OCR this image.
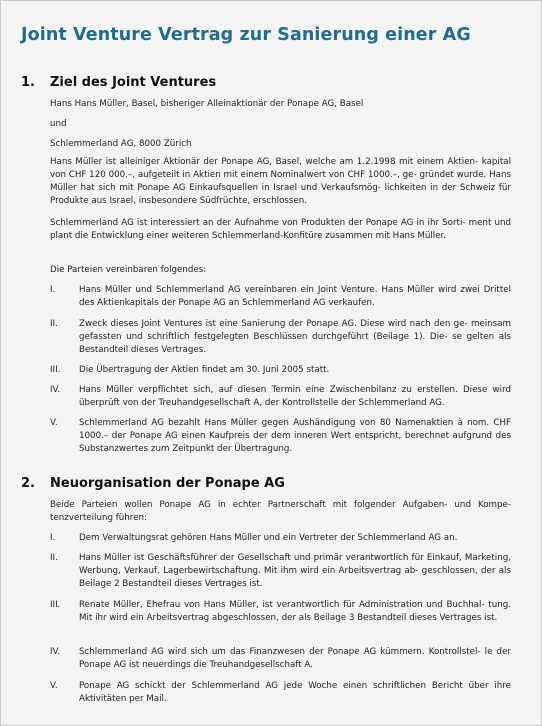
Joint Venture Vertrag zur Sanierung einer AG
1. Ziel des Joint Ventures

Hans Hans Müller, Basel, bisheriger Alleinaktionär der Ponape AG, Basel

und

Schlemmerland AG, 8000 Zürich

Hans Müller ist alleiniger Aktionär der Ponape AG, Basel, welche am 1.2.1998 mit einem Aktien- kapital von CHF 120 000.–, aufgeteilt in Aktien mit einem Nominalwert von CHF 1000.–, ge- gründet wurde. Hans Müller hat sich mit Ponape AG Einkaufsquellen in Israel und Verkaufsmög- lichkeiten in der Schweiz für Produkte aus Israel, insbesondere Südfrüchte, erschlossen.

Schlemmerland AG ist interessiert an der Aufnahme von Produkten der Ponape AG in ihr Sorti- ment und plant die Entwicklung einer weiteren Schlemmerland-Konfitüre zusammen mit Hans Müller.

Die Parteien vereinbaren folgendes:

I.	Hans Müller und Schlemmerland AG vereinbaren ein Joint Venture. Hans Müller wird zwei Drittel des Aktienkapitals der Ponape AG an Schlemmerland AG verkaufen.

II. Zweck dieses Joint Ventures ist eine Sanierung der Ponape AG. Diese wird nach den ge- meinsam gefassten und schriftlich festgelegten Beschlüssen durchgeführt (Beilage 1). Die- se gelten als Bestandteil dieses Vertrages.

III. Die Übertragung der Aktien findet am 30. Juni 2005 statt.

IV. Hans Müller verpflichtet sich, auf diesen Termin eine Zwischenbilanz zu erstellen. Diese wird überprüft von der Treuhandgesellschaft A, der Kontrollstelle der Schlemmerland AG.

V. Schlemmerland AG bezahlt Hans Müller gegen Aushändigung von 80 Namenaktien à nom. CHF 1000.– der Ponape AG einen Kaufpreis der dem inneren Wert entspricht, berechnet aufgrund des Substanzwertes zum Zeitpunkt der Übertragung.

2. Neuorganisation der Ponape AG

Beide Parteien wollen Ponape AG in echter Partnerschaft mit folgender Aufgaben- und Kompe- tenzverteilung führen:

I.	Dem Verwaltungsrat gehören Hans Müller und ein Vertreter der Schlemmerland AG an.

II. Hans Müller ist Geschäftsführer der Gesellschaft und primär verantwortlich für Einkauf, Marketing, Werbung, Verkauf, Lagerbewirtschaftung. Mit ihm wird ein Arbeitsvertrag ab- geschlossen, der als Beilage 2 Bestandteil dieses Vertrages ist.

III. Renate Müller, Ehefrau von Hans Müller, ist verantwortlich für Administration und Buchhal- tung. Mit ihr wird ein Arbeitsvertrag abgeschlossen, der als Beilage 3 Bestandteil dieses Vertrages ist.

IV. Schlemmerland AG wird sich um das Finanzwesen der Ponape AG kümmern. Kontrollstel- le der Ponape AG ist neuerdings die Treuhandgesellschaft A.

V. Ponape AG schickt der Schlemmerland AG jede Woche einen schriftlichen Bericht über ihre Aktivitäten per Mail.
